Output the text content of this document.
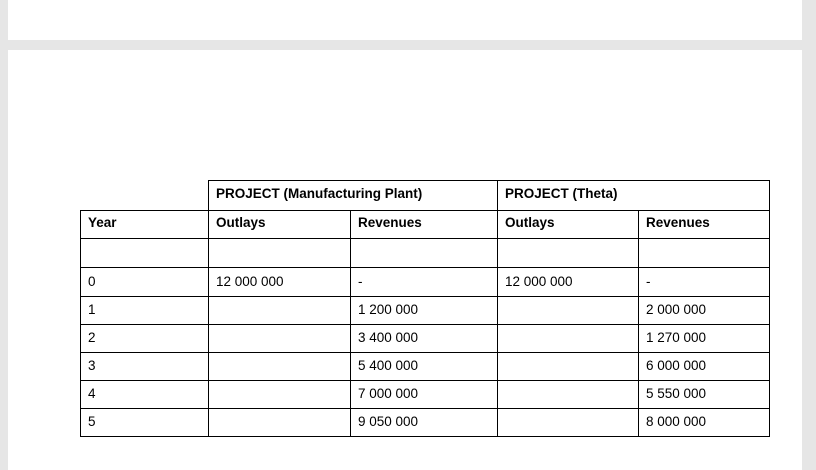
	PROJECT (Manufacturing Plant)		PROJECT (Theta)	
Year	Outlays	Revenues	Outlays	Revenues

0	12 000 000	-	12 000 000	-
1		1 200 000		2 000 000
2		3 400 000		1 270 000
3		5 400 000		6 000 000
4		7 000 000		5 550 000
5		9 050 000		8 000 000
